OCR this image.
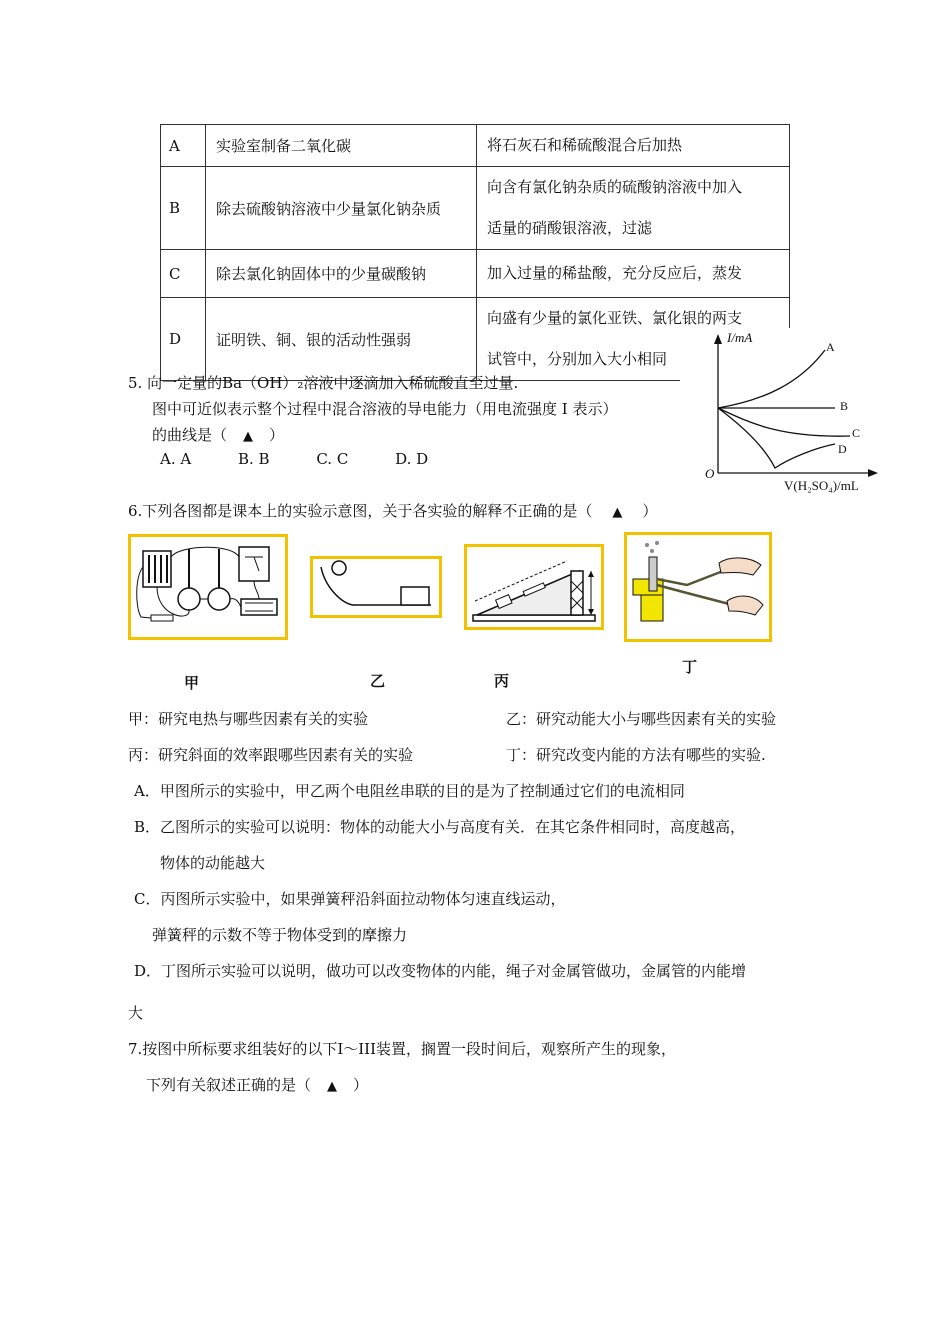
A	实验室制备二氧化碳	将石灰石和稀硫酸混合后加热

B	除去硫酸钠溶液中少量氯化钠杂质	向含有氯化钠杂质的硫酸钠溶液中加入
适量的硝酸银溶液，过滤

C	除去氯化钠固体中的少量碳酸钠	加入过量的稀盐酸，充分反应后，蒸发

D	证明铁、铜、银的活动性强弱	向盛有少量的氯化亚铁、氯化银的两支
试管中，分别加入大小相同
I/mA
A
B
C
D
O
V(H₂SO₄)/mL
5. 向一定量的Ba（OH）₂溶液中逐滴加入稀硫酸直至过量.
图中可近似表示整个过程中混合溶液的导电能力（用电流强度 I 表示）
的曲线是（ ▲ ）
A. A	B. B	C. C	D. D
6.下列各图都是课本上的实验示意图，关于各实验的解释不正确的是（ ▲ ）
甲	乙	丙
丁
甲：研究电热与哪些因素有关的实验	乙：研究动能大小与哪些因素有关的实验
丙：研究斜面的效率跟哪些因素有关的实验	丁：研究改变内能的方法有哪些的实验.
A．甲图所示的实验中，甲乙两个电阻丝串联的目的是为了控制通过它们的电流相同
B．乙图所示的实验可以说明：物体的动能大小与高度有关．在其它条件相同时，高度越高，
物体的动能越大
C．丙图所示实验中，如果弹簧秤沿斜面拉动物体匀速直线运动，
弹簧秤的示数不等于物体受到的摩擦力
D．丁图所示实验可以说明，做功可以改变物体的内能，绳子对金属管做功，金属管的内能增
大
7.按图中所标要求组装好的以下Ⅰ～III装置，搁置一段时间后，观察所产生的现象，
下列有关叙述正确的是（ ▲ ）
